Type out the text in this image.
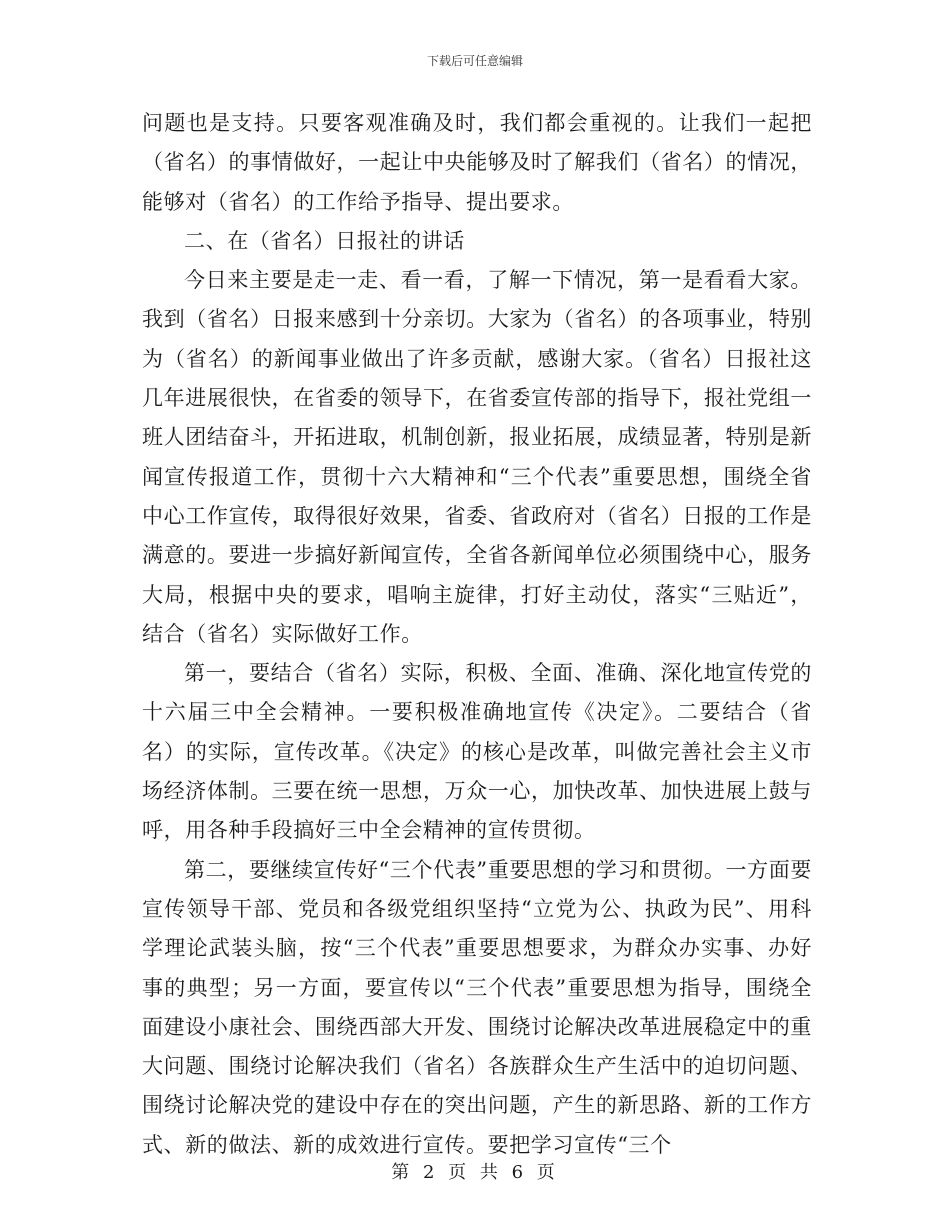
下载后可任意编辑

问题也是支持。只要客观准确及时，我们都会重视的。让我们一起把（省名）的事情做好，一起让中央能够及时了解我们（省名）的情况，能够对（省名）的工作给予指导、提出要求。

二、在（省名）日报社的讲话

今日来主要是走一走、看一看，了解一下情况，第一是看看大家。我到（省名）日报来感到十分亲切。大家为（省名）的各项事业，特别为（省名）的新闻事业做出了许多贡献，感谢大家。（省名）日报社这几年进展很快，在省委的领导下，在省委宣传部的指导下，报社党组一班人团结奋斗，开拓进取，机制创新，报业拓展，成绩显著，特别是新闻宣传报道工作，贯彻十六大精神和“三个代表”重要思想，围绕全省中心工作宣传，取得很好效果，省委、省政府对（省名）日报的工作是满意的。要进一步搞好新闻宣传，全省各新闻单位必须围绕中心，服务大局，根据中央的要求，唱响主旋律，打好主动仗，落实“三贴近”，结合（省名）实际做好工作。

第一，要结合（省名）实际，积极、全面、准确、深化地宣传党的十六届三中全会精神。一要积极准确地宣传《决定》。二要结合（省名）的实际，宣传改革。《决定》的核心是改革，叫做完善社会主义市场经济体制。三要在统一思想，万众一心，加快改革、加快进展上鼓与呼，用各种手段搞好三中全会精神的宣传贯彻。

第二，要继续宣传好“三个代表”重要思想的学习和贯彻。一方面要宣传领导干部、党员和各级党组织坚持“立党为公、执政为民”、用科学理论武装头脑，按“三个代表”重要思想要求，为群众办实事、办好事的典型；另一方面，要宣传以“三个代表”重要思想为指导，围绕全面建设小康社会、围绕西部大开发、围绕讨论解决改革进展稳定中的重大问题、围绕讨论解决我们（省名）各族群众生产生活中的迫切问题、围绕讨论解决党的建设中存在的突出问题，产生的新思路、新的工作方式、新的做法、新的成效进行宣传。要把学习宣传“三个

第 2 页 共 6 页
